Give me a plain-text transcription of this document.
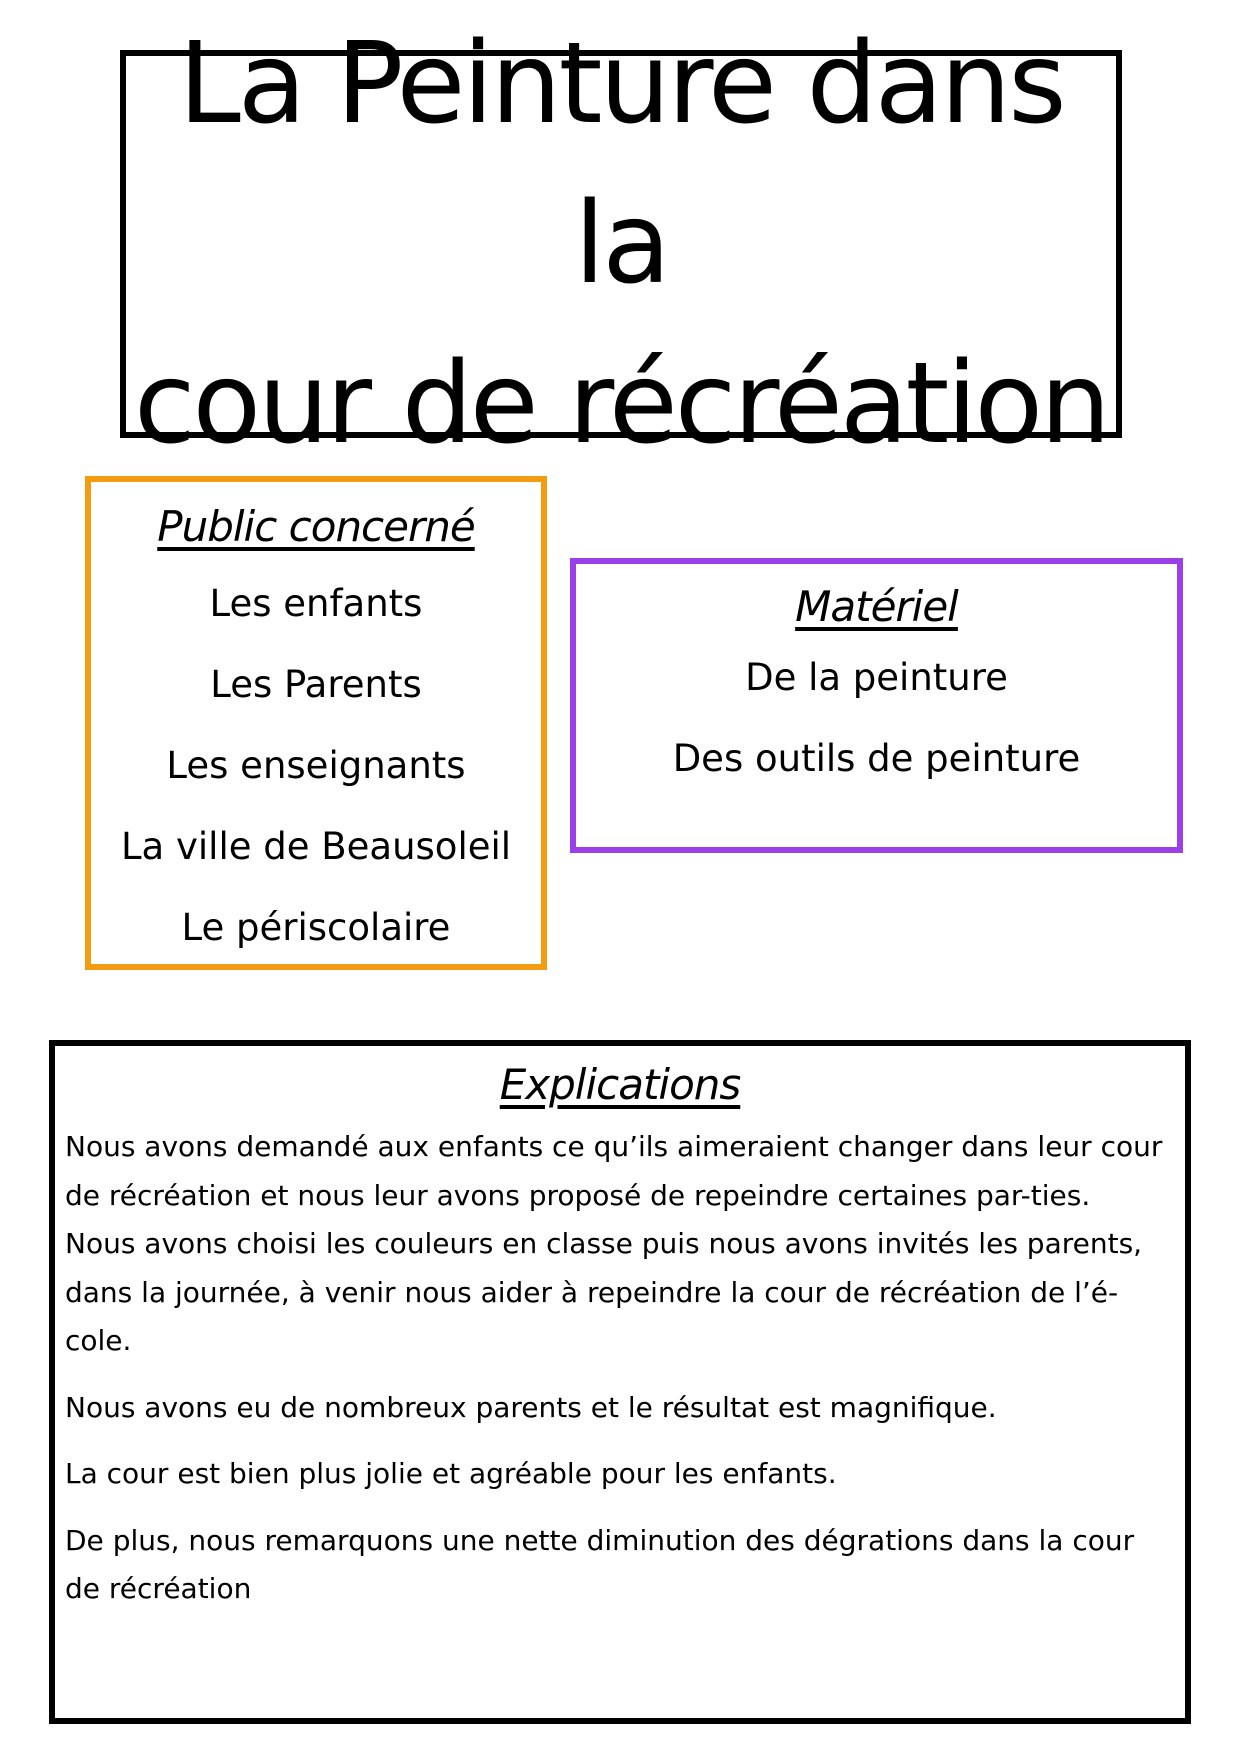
La Peinture dans la
cour de récréation
Public concerné
Les enfants
Les Parents
Les enseignants
La ville de Beausoleil
Le périscolaire
Matériel
De la peinture
Des outils de peinture
Explications

Nous avons demandé aux enfants ce qu’ils aimeraient changer dans leur cour de récréation et nous leur avons proposé de repeindre certaines par-ties.

Nous avons choisi les couleurs en classe puis nous avons invités les parents, dans la journée, à venir nous aider à repeindre la cour de récréation de l’é-cole.

Nous avons eu de nombreux parents et le résultat est magnifique.

La cour est bien plus jolie et agréable pour les enfants.

De plus, nous remarquons une nette diminution des dégrations dans la cour de récréation
